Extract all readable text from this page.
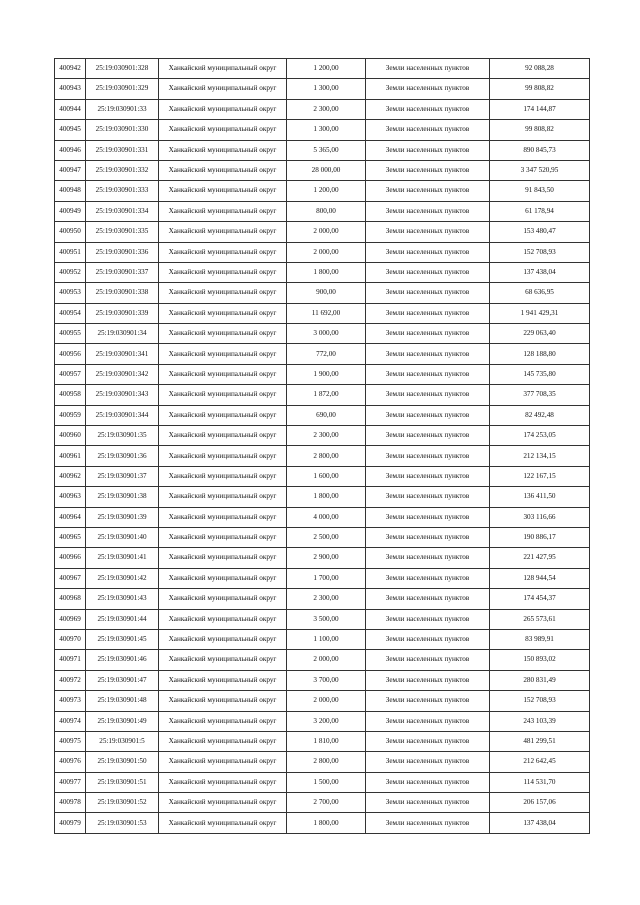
400942	25:19:030901:328	Ханкайский муниципальный округ	1 200,00	Земли населенных пунктов	92 088,28
400943	25:19:030901:329	Ханкайский муниципальный округ	1 300,00	Земли населенных пунктов	99 808,82
400944	25:19:030901:33	Ханкайский муниципальный округ	2 300,00	Земли населенных пунктов	174 144,87
400945	25:19:030901:330	Ханкайский муниципальный округ	1 300,00	Земли населенных пунктов	99 808,82
400946	25:19:030901:331	Ханкайский муниципальный округ	5 365,00	Земли населенных пунктов	890 845,73
400947	25:19:030901:332	Ханкайский муниципальный округ	28 000,00	Земли населенных пунктов	3 347 520,95
400948	25:19:030901:333	Ханкайский муниципальный округ	1 200,00	Земли населенных пунктов	91 843,50
400949	25:19:030901:334	Ханкайский муниципальный округ	800,00	Земли населенных пунктов	61 178,94
400950	25:19:030901:335	Ханкайский муниципальный округ	2 000,00	Земли населенных пунктов	153 480,47
400951	25:19:030901:336	Ханкайский муниципальный округ	2 000,00	Земли населенных пунктов	152 708,93
400952	25:19:030901:337	Ханкайский муниципальный округ	1 800,00	Земли населенных пунктов	137 438,04
400953	25:19:030901:338	Ханкайский муниципальный округ	900,00	Земли населенных пунктов	68 636,95
400954	25:19:030901:339	Ханкайский муниципальный округ	11 692,00	Земли населенных пунктов	1 941 429,31
400955	25:19:030901:34	Ханкайский муниципальный округ	3 000,00	Земли населенных пунктов	229 063,40
400956	25:19:030901:341	Ханкайский муниципальный округ	772,00	Земли населенных пунктов	128 188,80
400957	25:19:030901:342	Ханкайский муниципальный округ	1 900,00	Земли населенных пунктов	145 735,80
400958	25:19:030901:343	Ханкайский муниципальный округ	1 872,00	Земли населенных пунктов	377 708,35
400959	25:19:030901:344	Ханкайский муниципальный округ	690,00	Земли населенных пунктов	82 492,48
400960	25:19:030901:35	Ханкайский муниципальный округ	2 300,00	Земли населенных пунктов	174 253,05
400961	25:19:030901:36	Ханкайский муниципальный округ	2 800,00	Земли населенных пунктов	212 134,15
400962	25:19:030901:37	Ханкайский муниципальный округ	1 600,00	Земли населенных пунктов	122 167,15
400963	25:19:030901:38	Ханкайский муниципальный округ	1 800,00	Земли населенных пунктов	136 411,50
400964	25:19:030901:39	Ханкайский муниципальный округ	4 000,00	Земли населенных пунктов	303 116,66
400965	25:19:030901:40	Ханкайский муниципальный округ	2 500,00	Земли населенных пунктов	190 886,17
400966	25:19:030901:41	Ханкайский муниципальный округ	2 900,00	Земли населенных пунктов	221 427,95
400967	25:19:030901:42	Ханкайский муниципальный округ	1 700,00	Земли населенных пунктов	128 944,54
400968	25:19:030901:43	Ханкайский муниципальный округ	2 300,00	Земли населенных пунктов	174 454,37
400969	25:19:030901:44	Ханкайский муниципальный округ	3 500,00	Земли населенных пунктов	265 573,61
400970	25:19:030901:45	Ханкайский муниципальный округ	1 100,00	Земли населенных пунктов	83 989,91
400971	25:19:030901:46	Ханкайский муниципальный округ	2 000,00	Земли населенных пунктов	150 893,02
400972	25:19:030901:47	Ханкайский муниципальный округ	3 700,00	Земли населенных пунктов	280 831,49
400973	25:19:030901:48	Ханкайский муниципальный округ	2 000,00	Земли населенных пунктов	152 708,93
400974	25:19:030901:49	Ханкайский муниципальный округ	3 200,00	Земли населенных пунктов	243 103,39
400975	25:19:030901:5	Ханкайский муниципальный округ	1 810,00	Земли населенных пунктов	481 299,51
400976	25:19:030901:50	Ханкайский муниципальный округ	2 800,00	Земли населенных пунктов	212 642,45
400977	25:19:030901:51	Ханкайский муниципальный округ	1 500,00	Земли населенных пунктов	114 531,70
400978	25:19:030901:52	Ханкайский муниципальный округ	2 700,00	Земли населенных пунктов	206 157,06
400979	25:19:030901:53	Ханкайский муниципальный округ	1 800,00	Земли населенных пунктов	137 438,04
